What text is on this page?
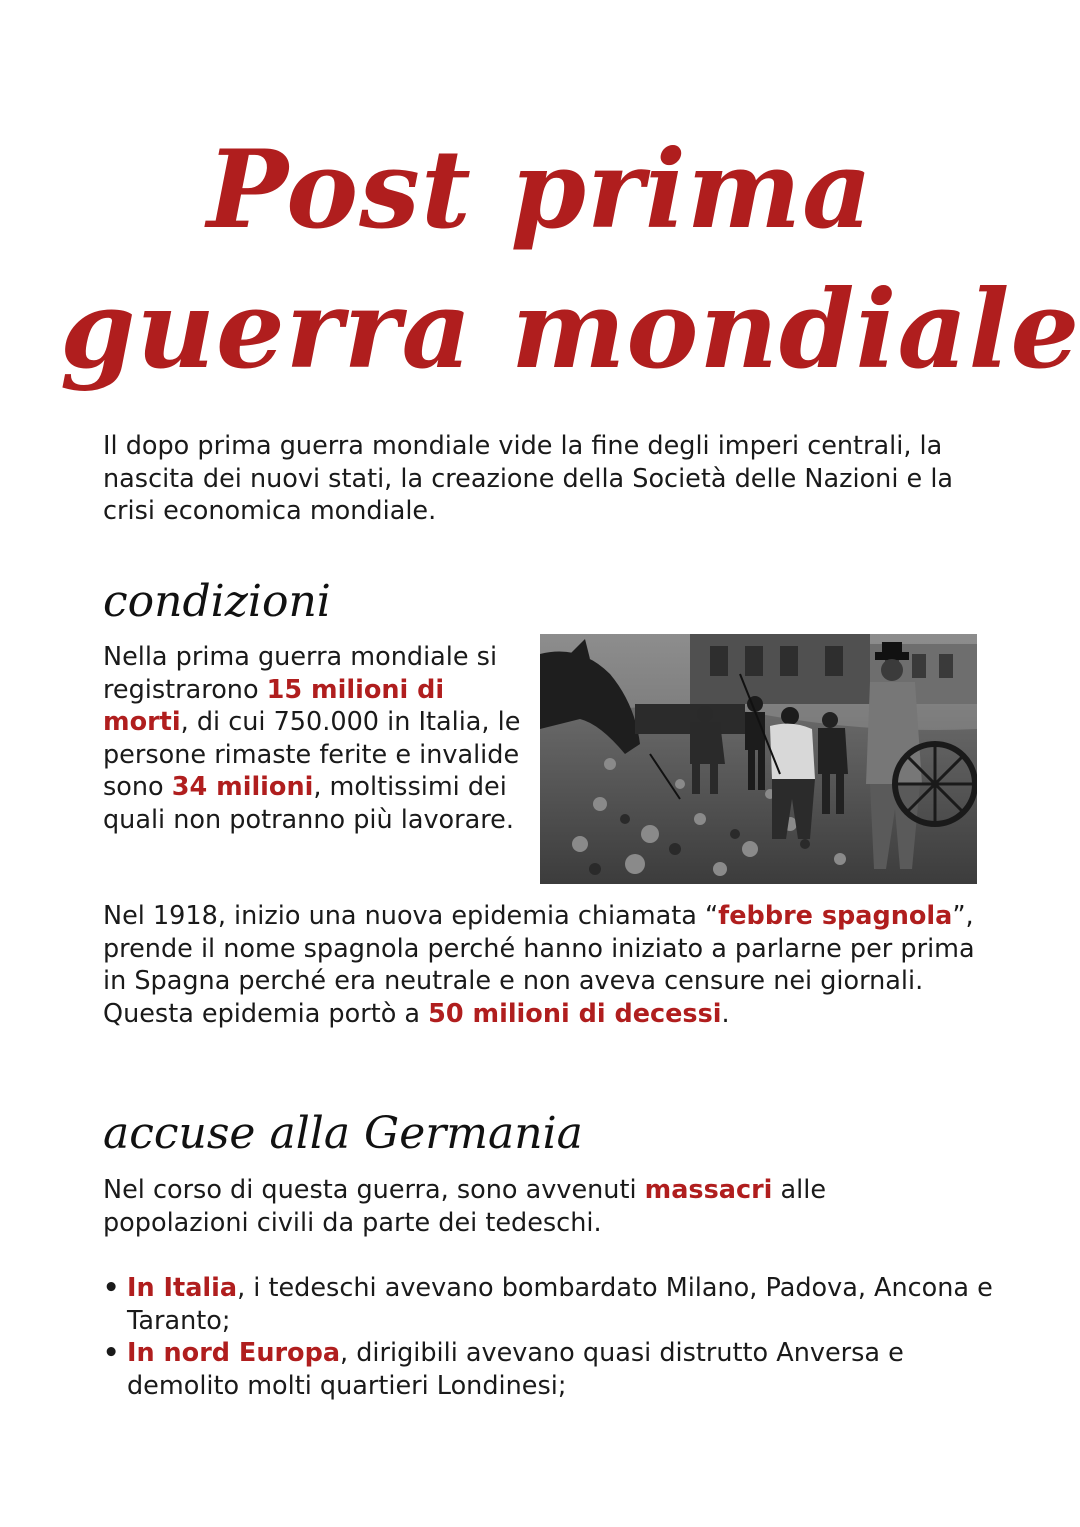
Post prima
guerra mondiale

Il dopo prima guerra mondiale vide la fine degli imperi centrali, la nascita dei nuovi stati, la creazione della Società delle Nazioni e la crisi economica mondiale.

condizioni

Nella prima guerra mondiale si registrarono 15 milioni di morti, di cui 750.000 in Italia, le persone rimaste ferite e invalide sono 34 milioni, moltissimi dei quali non potranno più lavorare.

Nel 1918, inizio una nuova epidemia chiamata “febbre spagnola”, prende il nome spagnola perché hanno iniziato a parlarne per prima in Spagna perché era neutrale e non aveva censure nei giornali. Questa epidemia portò a 50 milioni di decessi.

accuse alla Germania

Nel corso di questa guerra, sono avvenuti massacri alle popolazioni civili da parte dei tedeschi.

• In Italia, i tedeschi avevano bombardato Milano, Padova, Ancona e Taranto;
• In nord Europa, dirigibili avevano quasi distrutto Anversa e demolito molti quartieri Londinesi;
